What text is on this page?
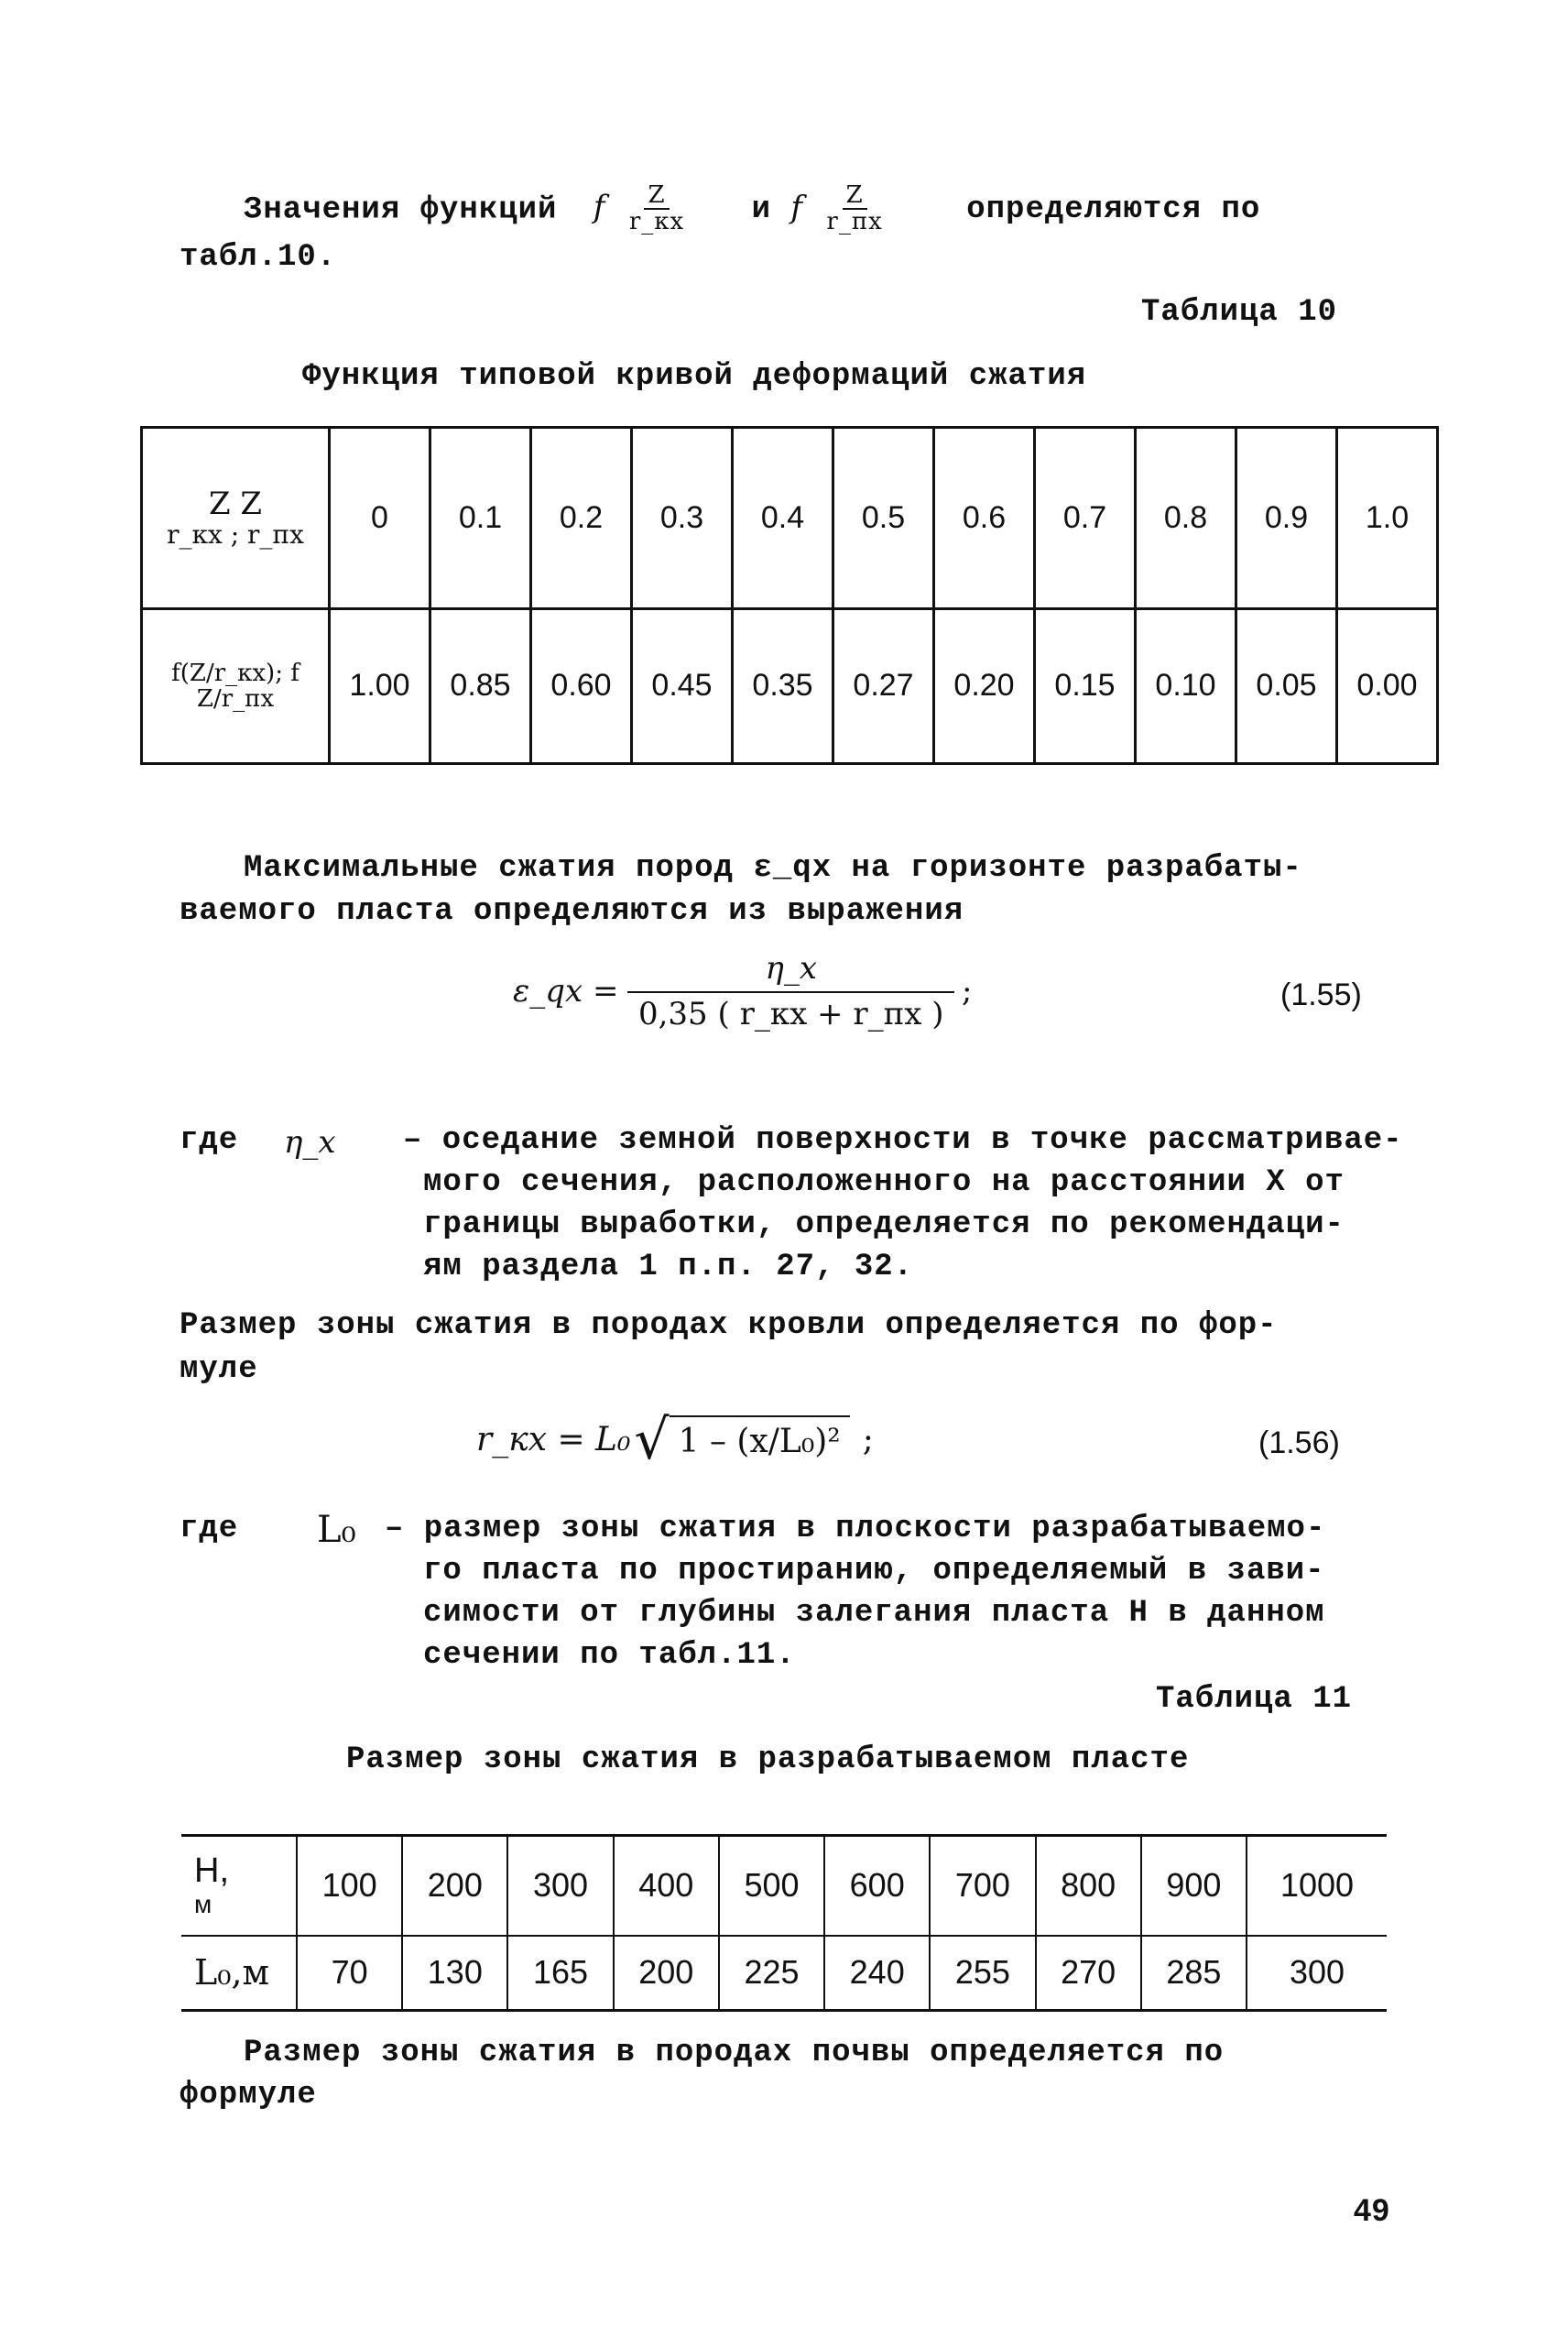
Значения функций f $\frac{Z}{r\_кх}$ и f $\frac{Z}{r\_пх}$	определяются по
табл.10.
Таблица 10
Функция типовой кривой деформаций сжатия
Z Z
r_кх ; r_пх	0	0.1	0.2	0.3	0.4	0.5	0.6	0.7	0.8	0.9	1.0
f(Z/r_кх); f Z/r_пх	1.00	0.85	0.60	0.45	0.35	0.27	0.20	0.15	0.10	0.05	0.00
Максимальные сжатия пород ε_qx на горизонте разрабаты-
ваемого пласта определяются из выражения
ε_qx = $\frac{\eta\_x}{0,35 ( r\_кх + r\_пх )}$ ;	(1.55)
где η_x – оседание земной поверхности в точке рассматривае-
мого сечения, расположенного на расстоянии X от
границы выработки, определяется по рекомендаци-
ям раздела 1 п.п. 27, 32.
Размер зоны сжатия в породах кровли определяется по фор-
муле
r_кх = L₀ √ 1 – (x/L₀)² ;	(1.56)
где L₀ – размер зоны сжатия в плоскости разрабатываемо-
го пласта по простиранию, определяемый в зави-
симости от глубины залегания пласта H в данном
сечении по табл.11.
Таблица 11
Размер зоны сжатия в разрабатываемом пласте
H,
м	100	200	300	400	500	600	700	800	900	1000
L₀,м	70	130	165	200	225	240	255	270	285	300
Размер зоны сжатия в породах почвы определяется по
формуле
49
